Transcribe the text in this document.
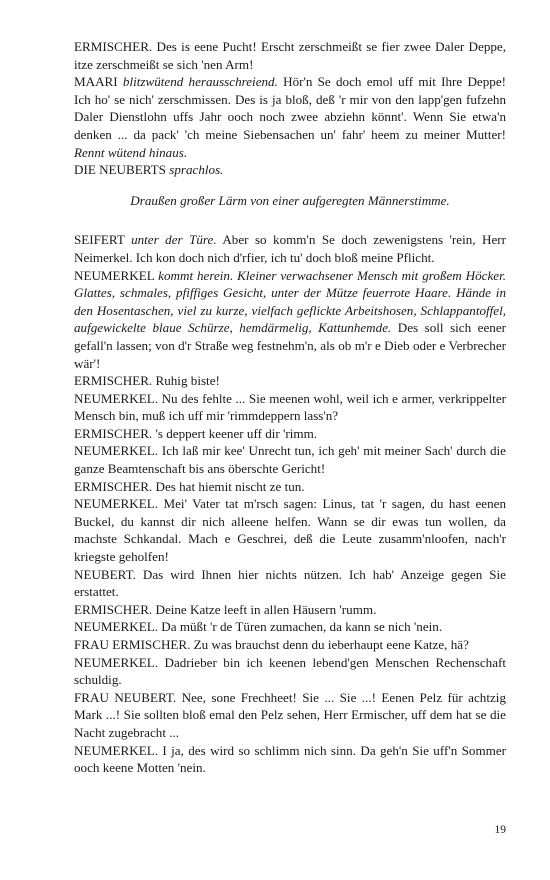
ERMISCHER. Des is eene Pucht! Erscht zerschmeißt se fier zwee Daler Deppe, itze zerschmeißt se sich 'nen Arm!

MAARI blitzwütend herausschreiend. Hör'n Se doch emol uff mit Ihre Deppe! Ich ho' se nich' zerschmissen. Des is ja bloß, deß 'r mir von den lapp'gen fufzehn Daler Dienstlohn uffs Jahr ooch noch zwee abziehn könnt'. Wenn Sie etwa'n denken ... da pack' 'ch meine Siebensachen un' fahr' heem zu meiner Mutter! Rennt wütend hinaus.

DIE NEUBERTS sprachlos.

Draußen großer Lärm von einer aufgeregten Männerstimme.

SEIFERT unter der Türe. Aber so komm'n Se doch zewenigstens 'rein, Herr Neimerkel. Ich kon doch nich d'rfier, ich tu' doch bloß meine Pflicht.

NEUMERKEL kommt herein. Kleiner verwachsener Mensch mit großem Höcker. Glattes, schmales, pfiffiges Gesicht, unter der Mütze feuerrote Haare. Hände in den Hosentaschen, viel zu kurze, vielfach geflickte Arbeitshosen, Schlappantoffel, aufgewickelte blaue Schürze, hemdärmelig, Kattunhemde. Des soll sich eener gefall'n lassen; von d'r Straße weg festnehm'n, als ob m'r e Dieb oder e Verbrecher wär'!

ERMISCHER. Ruhig biste!

NEUMERKEL. Nu des fehlte ... Sie meenen wohl, weil ich e armer, verkrippelter Mensch bin, muß ich uff mir 'rimmdeppern lass'n?

ERMISCHER. 's deppert keener uff dir 'rimm.

NEUMERKEL. Ich laß mir kee' Unrecht tun, ich geh' mit meiner Sach' durch die ganze Beamtenschaft bis ans öberschte Gericht!

ERMISCHER. Des hat hiemit nischt ze tun.

NEUMERKEL. Mei' Vater tat m'rsch sagen: Linus, tat 'r sagen, du hast eenen Buckel, du kannst dir nich alleene helfen. Wann se dir ewas tun wollen, da machste Schkandal. Mach e Geschrei, deß die Leute zusamm'nloofen, nach'r kriegste geholfen!

NEUBERT. Das wird Ihnen hier nichts nützen. Ich hab' Anzeige gegen Sie erstattet.

ERMISCHER. Deine Katze leeft in allen Häusern 'rumm.

NEUMERKEL. Da müßt 'r de Türen zumachen, da kann se nich 'nein.

FRAU ERMISCHER. Zu was brauchst denn du ieberhaupt eene Katze, hä?

NEUMERKEL. Dadrieber bin ich keenen lebend'gen Menschen Rechenschaft schuldig.

FRAU NEUBERT. Nee, sone Frechheet! Sie ... Sie ...! Eenen Pelz für achtzig Mark ...! Sie sollten bloß emal den Pelz sehen, Herr Ermischer, uff dem hat se die Nacht zugebracht ...

NEUMERKEL. I ja, des wird so schlimm nich sinn. Da geh'n Sie uff'n Sommer ooch keene Motten 'nein.

19
